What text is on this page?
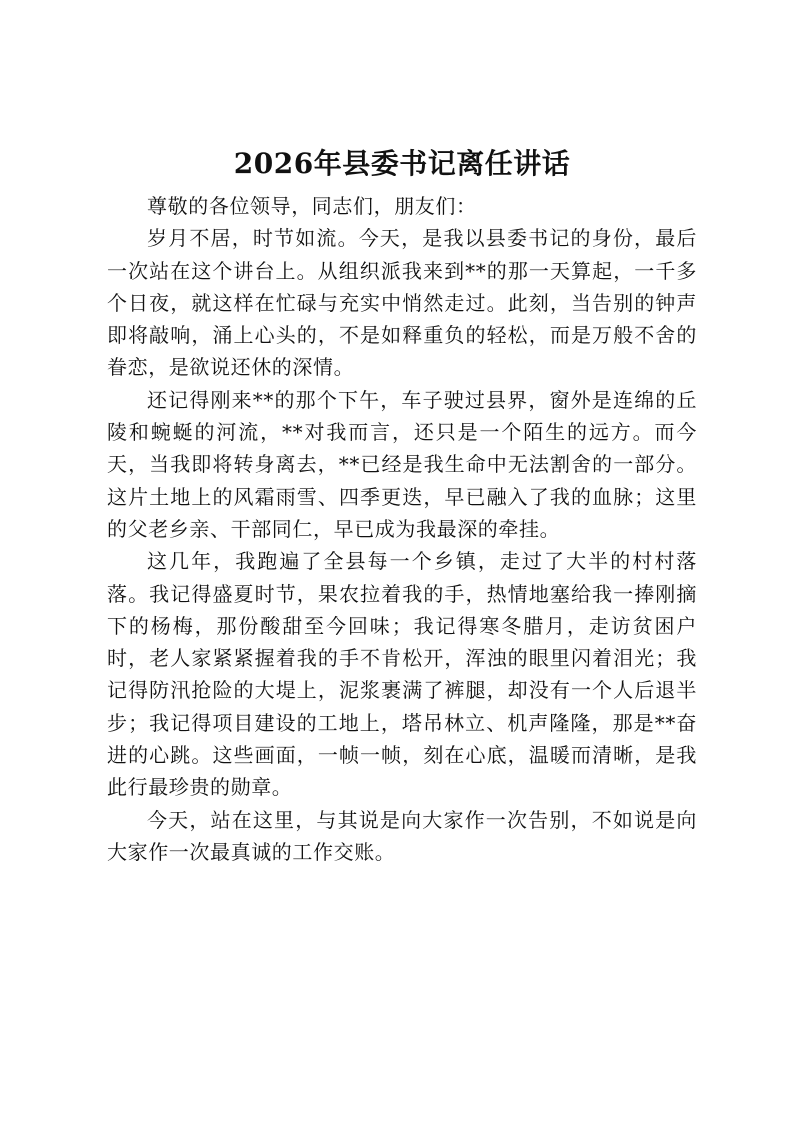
2026年县委书记离任讲话

尊敬的各位领导，同志们，朋友们：

岁月不居，时节如流。今天，是我以县委书记的身份，最后一次站在这个讲台上。从组织派我来到**的那一天算起，一千多个日夜，就这样在忙碌与充实中悄然走过。此刻，当告别的钟声即将敲响，涌上心头的，不是如释重负的轻松，而是万般不舍的眷恋，是欲说还休的深情。

还记得刚来**的那个下午，车子驶过县界，窗外是连绵的丘陵和蜿蜒的河流，**对我而言，还只是一个陌生的远方。而今天，当我即将转身离去，**已经是我生命中无法割舍的一部分。这片土地上的风霜雨雪、四季更迭，早已融入了我的血脉；这里的父老乡亲、干部同仁，早已成为我最深的牵挂。

这几年，我跑遍了全县每一个乡镇，走过了大半的村村落落。我记得盛夏时节，果农拉着我的手，热情地塞给我一捧刚摘下的杨梅，那份酸甜至今回味；我记得寒冬腊月，走访贫困户时，老人家紧紧握着我的手不肯松开，浑浊的眼里闪着泪光；我记得防汛抢险的大堤上，泥浆裹满了裤腿，却没有一个人后退半步；我记得项目建设的工地上，塔吊林立、机声隆隆，那是**奋进的心跳。这些画面，一帧一帧，刻在心底，温暖而清晰，是我此行最珍贵的勋章。

今天，站在这里，与其说是向大家作一次告别，不如说是向大家作一次最真诚的工作交账。
